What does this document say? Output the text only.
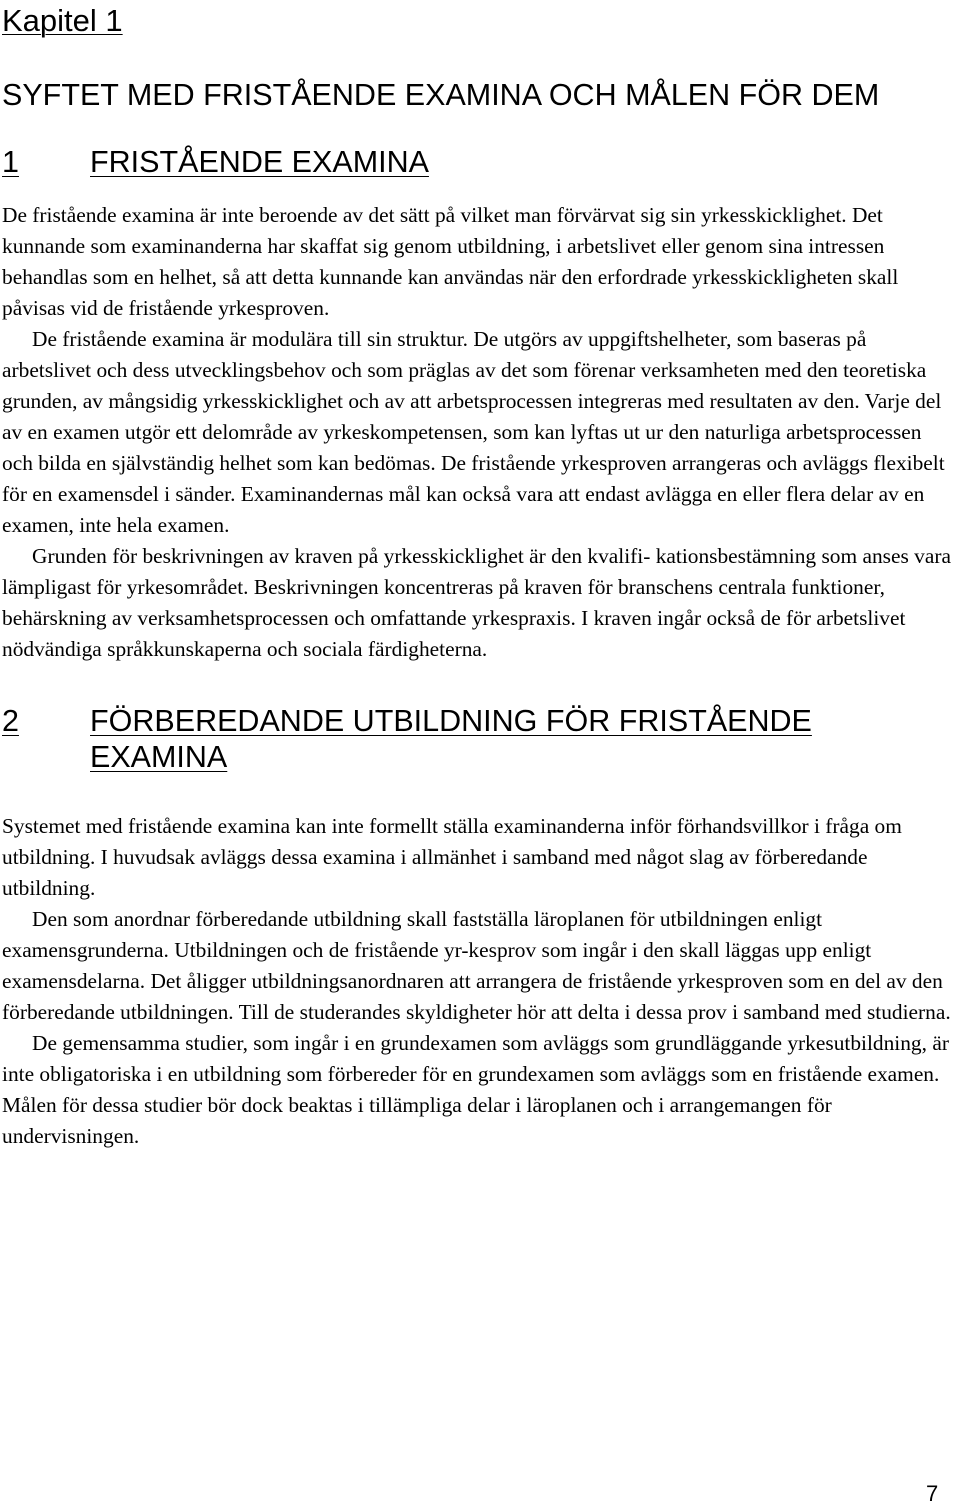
Kapitel 1
SYFTET MED FRISTÅENDE EXAMINA OCH MÅLEN FÖR DEM
1	FRISTÅENDE EXAMINA

De fristående examina är inte beroende av det sätt på vilket man förvärvat sig sin yrkesskicklighet. Det kunnande som examinanderna har skaffat sig genom utbildning, i arbetslivet eller genom sina intressen behandlas som en helhet, så att detta kunnande kan användas när den erfordrade yrkesskickligheten skall påvisas vid de fristående yrkesproven.

De fristående examina är modulära till sin struktur. De utgörs av uppgiftshelheter, som baseras på arbetslivet och dess utvecklingsbehov och som präglas av det som förenar verksamheten med den teoretiska grunden, av mångsidig yrkesskicklighet och av att arbetsprocessen integreras med resultaten av den. Varje del av en examen utgör ett delområde av yrkeskompetensen, som kan lyftas ut ur den naturliga arbetsprocessen och bilda en självständig helhet som kan bedömas. De fristående yrkesproven arrangeras och avläggs flexibelt för en examensdel i sänder. Examinandernas mål kan också vara att endast avlägga en eller flera delar av en examen, inte hela examen.

Grunden för beskrivningen av kraven på yrkesskicklighet är den kvalifi- kationsbestämning som anses vara lämpligast för yrkesområdet. Beskrivningen koncentreras på kraven för branschens centrala funktioner, behärskning av verksamhetsprocessen och omfattande yrkespraxis. I kraven ingår också de för arbetslivet nödvändiga språkkunskaperna och sociala färdigheterna.

2	FÖRBEREDANDE UTBILDNING FÖR FRISTÅENDE EXAMINA

Systemet med fristående examina kan inte formellt ställa examinanderna inför förhandsvillkor i fråga om utbildning. I huvudsak avläggs dessa examina i allmänhet i samband med något slag av förberedande utbildning.

Den som anordnar förberedande utbildning skall fastställa läroplanen för utbildningen enligt examensgrunderna. Utbildningen och de fristående yr-kesprov som ingår i den skall läggas upp enligt examensdelarna. Det åligger utbildningsanordnaren att arrangera de fristående yrkesproven som en del av den förberedande utbildningen. Till de studerandes skyldigheter hör att delta i dessa prov i samband med studierna.

De gemensamma studier, som ingår i en grundexamen som avläggs som grundläggande yrkesutbildning, är inte obligatoriska i en utbildning som förbereder för en grundexamen som avläggs som en fristående examen. Målen för dessa studier bör dock beaktas i tillämpliga delar i läroplanen och i arrangemangen för undervisningen.

7
